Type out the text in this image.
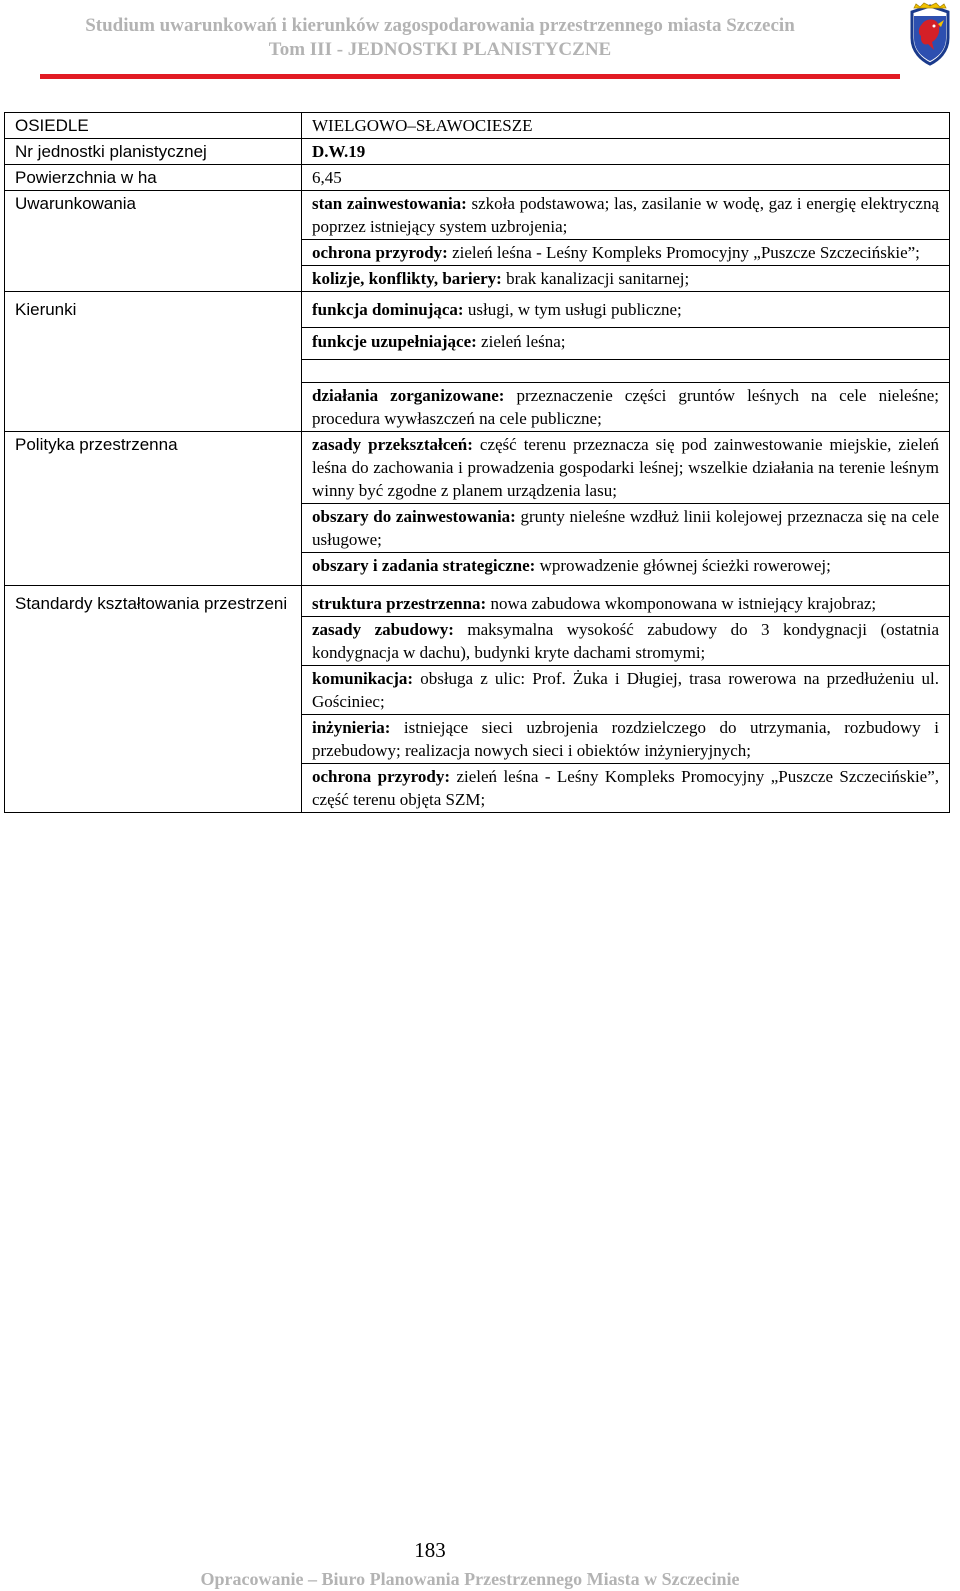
Studium uwarunkowań i kierunków zagospodarowania przestrzennego miasta Szczecin
Tom III - JEDNOSTKI PLANISTYCZNE
OSIEDLE	WIELGOWO–SŁAWOCIESZE
Nr jednostki planistycznej	D.W.19
Powierzchnia w ha	6,45
Uwarunkowania	stan zainwestowania: szkoła podstawowa; las, zasilanie w wodę, gaz i energię elektryczną poprzez istniejący system uzbrojenia;
	ochrona przyrody: zieleń leśna - Leśny Kompleks Promocyjny „Puszcze Szczecińskie”;
	kolizje, konflikty, bariery: brak kanalizacji sanitarnej;
Kierunki	funkcja dominująca: usługi, w tym usługi publiczne;
	funkcje uzupełniające: zieleń leśna;

	działania zorganizowane: przeznaczenie części gruntów leśnych na cele nieleśne; procedura wywłaszczeń na cele publiczne;
Polityka przestrzenna	zasady przekształceń: część terenu przeznacza się pod zainwestowanie miejskie, zieleń leśna do zachowania i prowadzenia gospodarki leśnej; wszelkie działania na terenie leśnym winny być zgodne z planem urządzenia lasu;
	obszary do zainwestowania: grunty nieleśne wzdłuż linii kolejowej przeznacza się na cele usługowe;
	obszary i zadania strategiczne: wprowadzenie głównej ścieżki rowerowej;
Standardy kształtowania przestrzeni	struktura przestrzenna: nowa zabudowa wkomponowana w istniejący krajobraz;
	zasady zabudowy: maksymalna wysokość zabudowy do 3 kondygnacji (ostatnia kondygnacja w dachu), budynki kryte dachami stromymi;
	komunikacja: obsługa z ulic: Prof. Żuka i Długiej, trasa rowerowa na przedłużeniu ul. Gościniec;
	inżynieria: istniejące sieci uzbrojenia rozdzielczego do utrzymania, rozbudowy i przebudowy; realizacja nowych sieci i obiektów inżynieryjnych;
	ochrona przyrody: zieleń leśna - Leśny Kompleks Promocyjny „Puszcze Szczecińskie”, część terenu objęta SZM;
183
Opracowanie – Biuro Planowania Przestrzennego Miasta w Szczecinie
